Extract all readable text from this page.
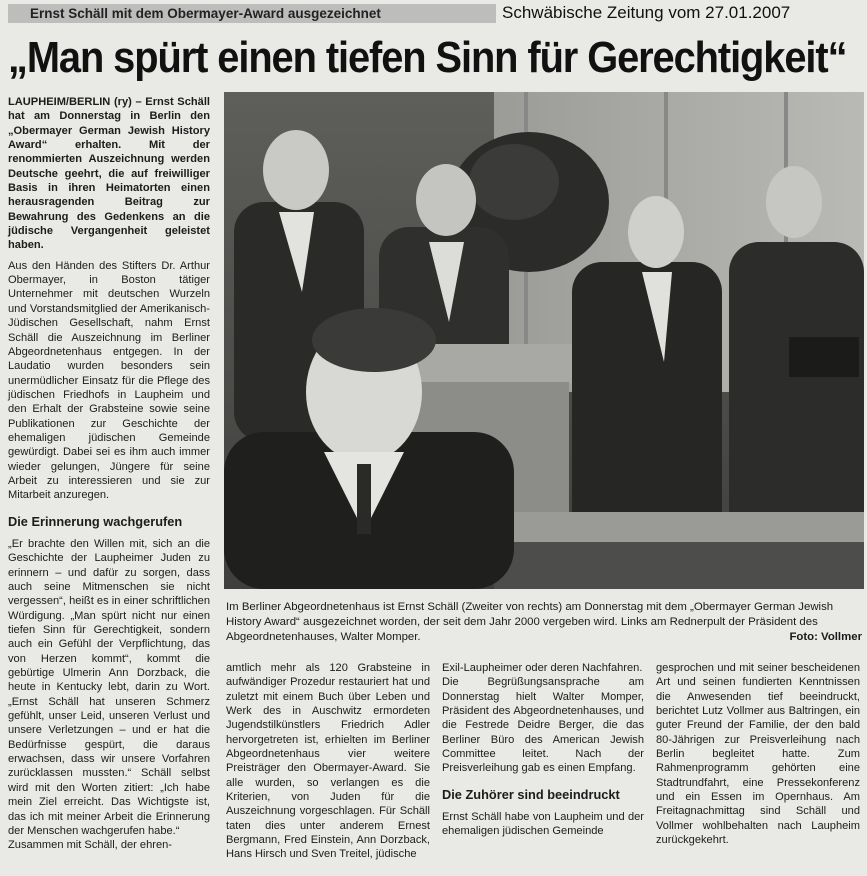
Ernst Schäll mit dem Obermayer-Award ausgezeichnet	Schwäbische Zeitung vom 27.01.2007
„Man spürt einen tiefen Sinn für Gerechtigkeit“

LAUPHEIM/BERLIN (ry) – Ernst Schäll hat am Donnerstag in Berlin den „Obermayer German Jewish History Award“ erhalten. Mit der renommierten Auszeichnung werden Deutsche geehrt, die auf freiwilliger Basis in ihren Heimatorten einen herausragenden Beitrag zur Bewahrung des Gedenkens an die jüdische Vergangenheit geleistet haben.

Aus den Händen des Stifters Dr. Arthur Obermayer, in Boston tätiger Unternehmer mit deutschen Wurzeln und Vorstandsmitglied der Amerikanisch-Jüdischen Gesellschaft, nahm Ernst Schäll die Auszeichnung im Berliner Abgeordnetenhaus entgegen. In der Laudatio wurden besonders sein unermüdlicher Einsatz für die Pflege des jüdischen Friedhofs in Laupheim und den Erhalt der Grabsteine sowie seine Publikationen zur Geschichte der ehemaligen jüdischen Gemeinde gewürdigt. Dabei sei es ihm auch immer wieder gelungen, Jüngere für seine Arbeit zu interessieren und sie zur Mitarbeit anzuregen.

Die Erinnerung wachgerufen

„Er brachte den Willen mit, sich an die Geschichte der Laupheimer Juden zu erinnern – und dafür zu sorgen, dass auch seine Mitmenschen sie nicht vergessen“, heißt es in einer schriftlichen Würdigung. „Man spürt nicht nur einen tiefen Sinn für Gerechtigkeit, sondern auch ein Gefühl der Verpflichtung, das von Herzen kommt“, kommt die gebürtige Ulmerin Ann Dorzback, die heute in Kentucky lebt, darin zu Wort. „Ernst Schäll hat unseren Schmerz gefühlt, unser Leid, unseren Verlust und unsere Verletzungen – und er hat die Bedürfnisse gespürt, die daraus erwachsen, dass wir unsere Vorfahren zurücklassen mussten.“ Schäll selbst wird mit den Worten zitiert: „Ich habe mein Ziel erreicht. Das Wichtigste ist, das ich mit meiner Arbeit die Erinnerung der Menschen wachgerufen habe.“

Zusammen mit Schäll, der ehren-

Im Berliner Abgeordnetenhaus ist Ernst Schäll (Zweiter von rechts) am Donnerstag mit dem „Obermayer German Jewish History Award“ ausgezeichnet worden, der seit dem Jahr 2000 vergeben wird. Links am Rednerpult der Präsident des Abgeordnetenhauses, Walter Momper.	Foto: Vollmer

amtlich mehr als 120 Grabsteine in aufwändiger Prozedur restauriert hat und zuletzt mit einem Buch über Leben und Werk des in Auschwitz ermordeten Jugendstilkünstlers Friedrich Adler hervorgetreten ist, erhielten im Berliner Abgeordnetenhaus vier weitere Preisträger den Obermayer-Award. Sie alle wurden, so verlangen es die Kriterien, von Juden für die Auszeichnung vorgeschlagen. Für Schäll taten dies unter anderem Ernest Bergmann, Fred Einstein, Ann Dorzback, Hans Hirsch und Sven Treitel, jüdische

Exil-Laupheimer oder deren Nachfahren.

Die Begrüßungsansprache am Donnerstag hielt Walter Momper, Präsident des Abgeordnetenhauses, und die Festrede Deidre Berger, die das Berliner Büro des American Jewish Committee leitet. Nach der Preisverleihung gab es einen Empfang.

Die Zuhörer sind beeindruckt

Ernst Schäll habe von Laupheim und der ehemaligen jüdischen Gemeinde

gesprochen und mit seiner bescheidenen Art und seinen fundierten Kenntnissen die Anwesenden tief beeindruckt, berichtet Lutz Vollmer aus Baltringen, ein guter Freund der Familie, der den bald 80-Jährigen zur Preisverleihung nach Berlin begleitet hatte. Zum Rahmenprogramm gehörten eine Stadtrundfahrt, eine Pressekonferenz und ein Essen im Opernhaus. Am Freitagnachmittag sind Schäll und Vollmer wohlbehalten nach Laupheim zurückgekehrt.
